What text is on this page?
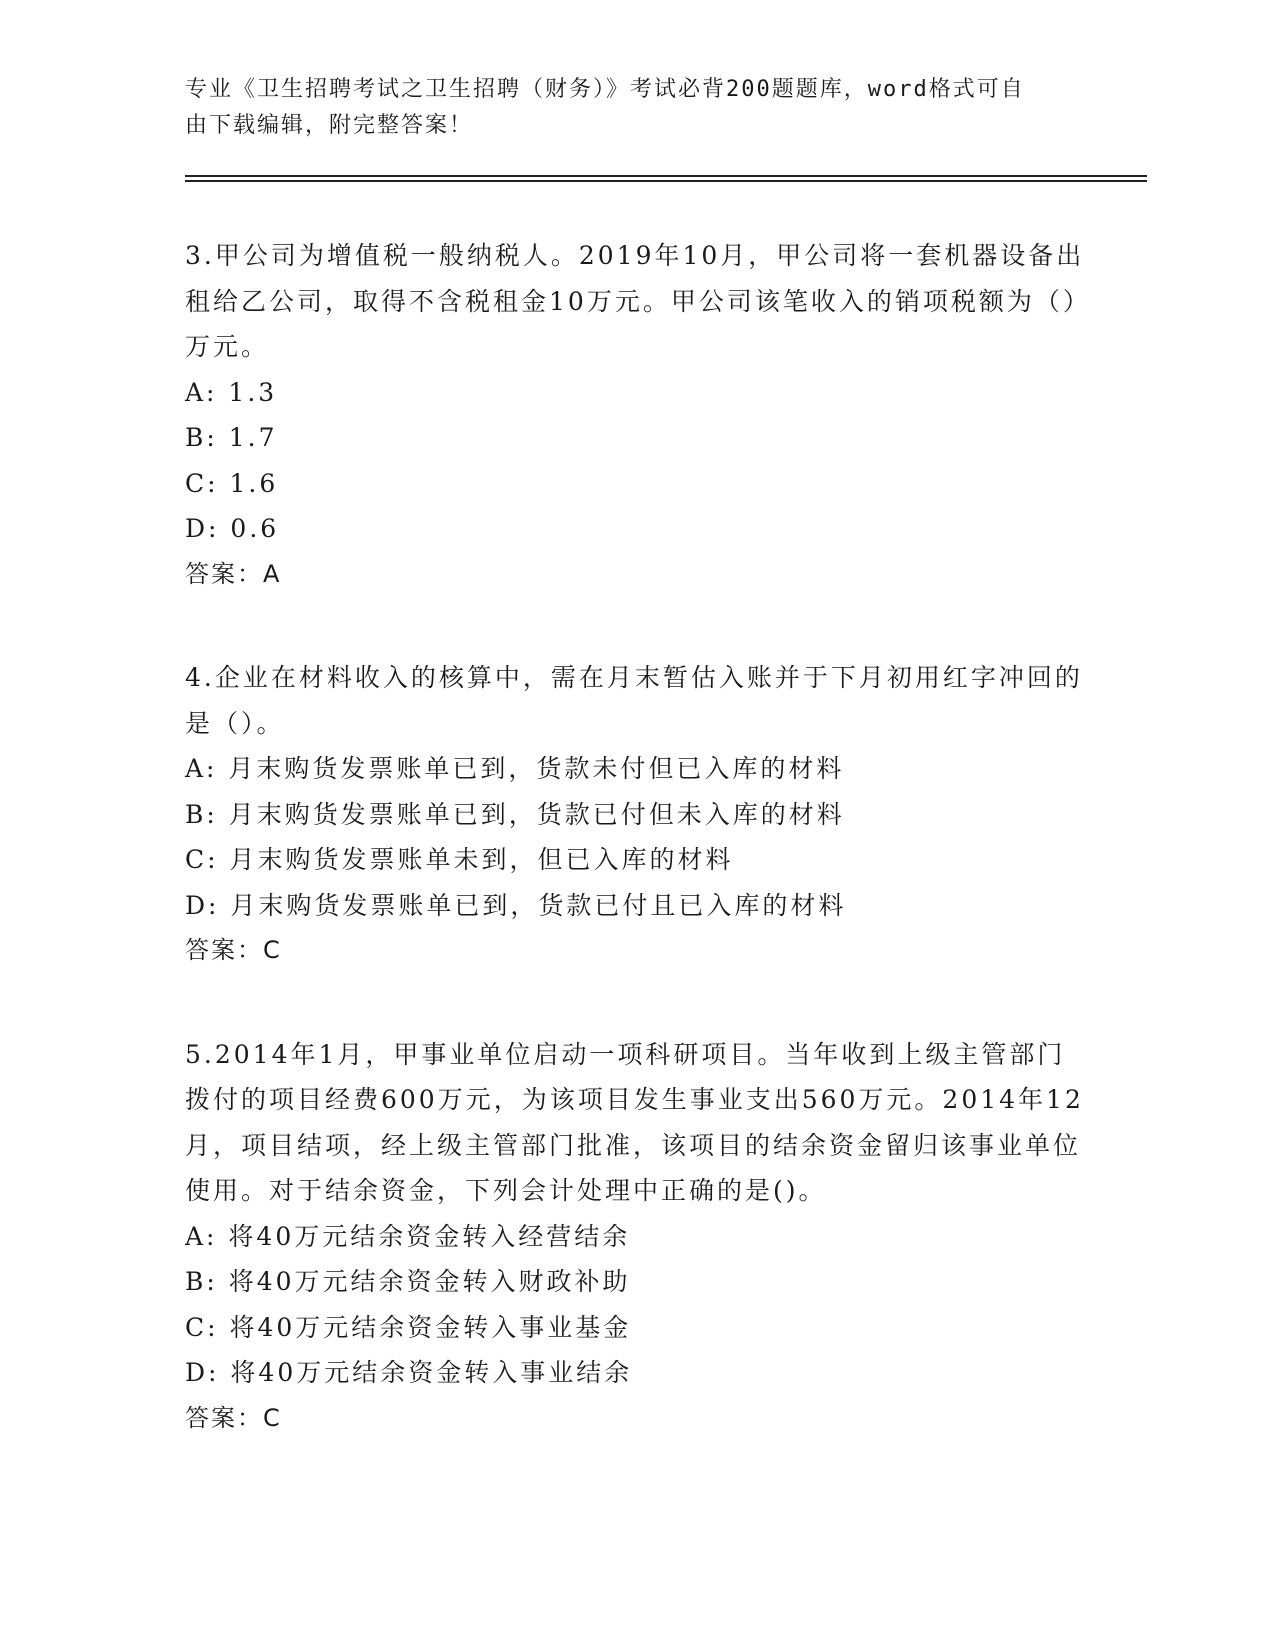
专业《卫生招聘考试之卫生招聘（财务）》考试必背200题题库，word格式可自
由下载编辑，附完整答案！
3.甲公司为增值税一般纳税人。2019年10月，甲公司将一套机器设备出租给乙公司，取得不含税租金10万元。甲公司该笔收入的销项税额为（）万元。
A: 1.3
B: 1.7
C: 1.6
D: 0.6
答案：A
4.企业在材料收入的核算中，需在月末暂估入账并于下月初用红字冲回的是（）。
A: 月末购货发票账单已到，货款未付但已入库的材料
B: 月末购货发票账单已到，货款已付但未入库的材料
C: 月末购货发票账单未到，但已入库的材料
D: 月末购货发票账单已到，货款已付且已入库的材料
答案：C
5.2014年1月，甲事业单位启动一项科研项目。当年收到上级主管部门拨付的项目经费600万元，为该项目发生事业支出560万元。2014年12月，项目结项，经上级主管部门批准，该项目的结余资金留归该事业单位使用。对于结余资金，下列会计处理中正确的是()。
A: 将40万元结余资金转入经营结余
B: 将40万元结余资金转入财政补助
C: 将40万元结余资金转入事业基金
D: 将40万元结余资金转入事业结余
答案：C
